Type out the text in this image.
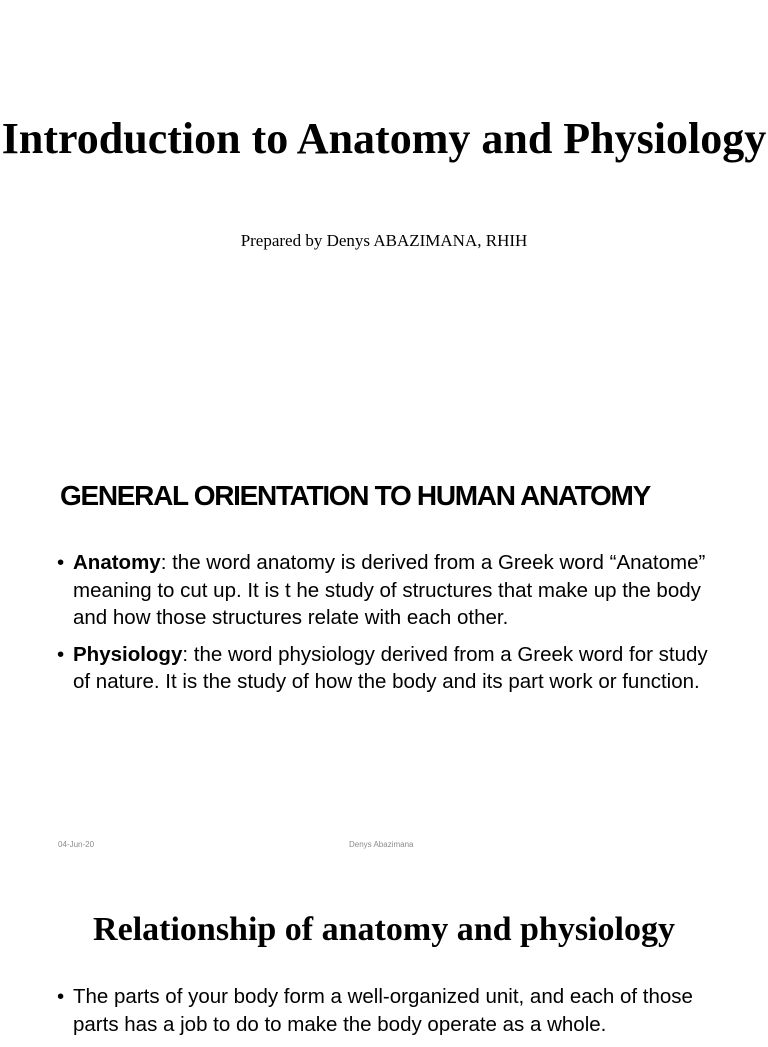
Introduction to Anatomy and Physiology

Prepared by Denys ABAZIMANA, RHIH

GENERAL ORIENTATION TO HUMAN ANATOMY
• Anatomy: the word anatomy is derived from a Greek word “Anatome” meaning to cut up. It is t he study of structures that make up the body and how those structures relate with each other.
• Physiology: the word physiology derived from a Greek word for study of nature. It is the study of how the body and its part work or function.
04-Jun-20	Denys Abazimana
Relationship of anatomy and physiology
• The parts of your body form a well-organized unit, and each of those parts has a job to do to make the body operate as a whole.
